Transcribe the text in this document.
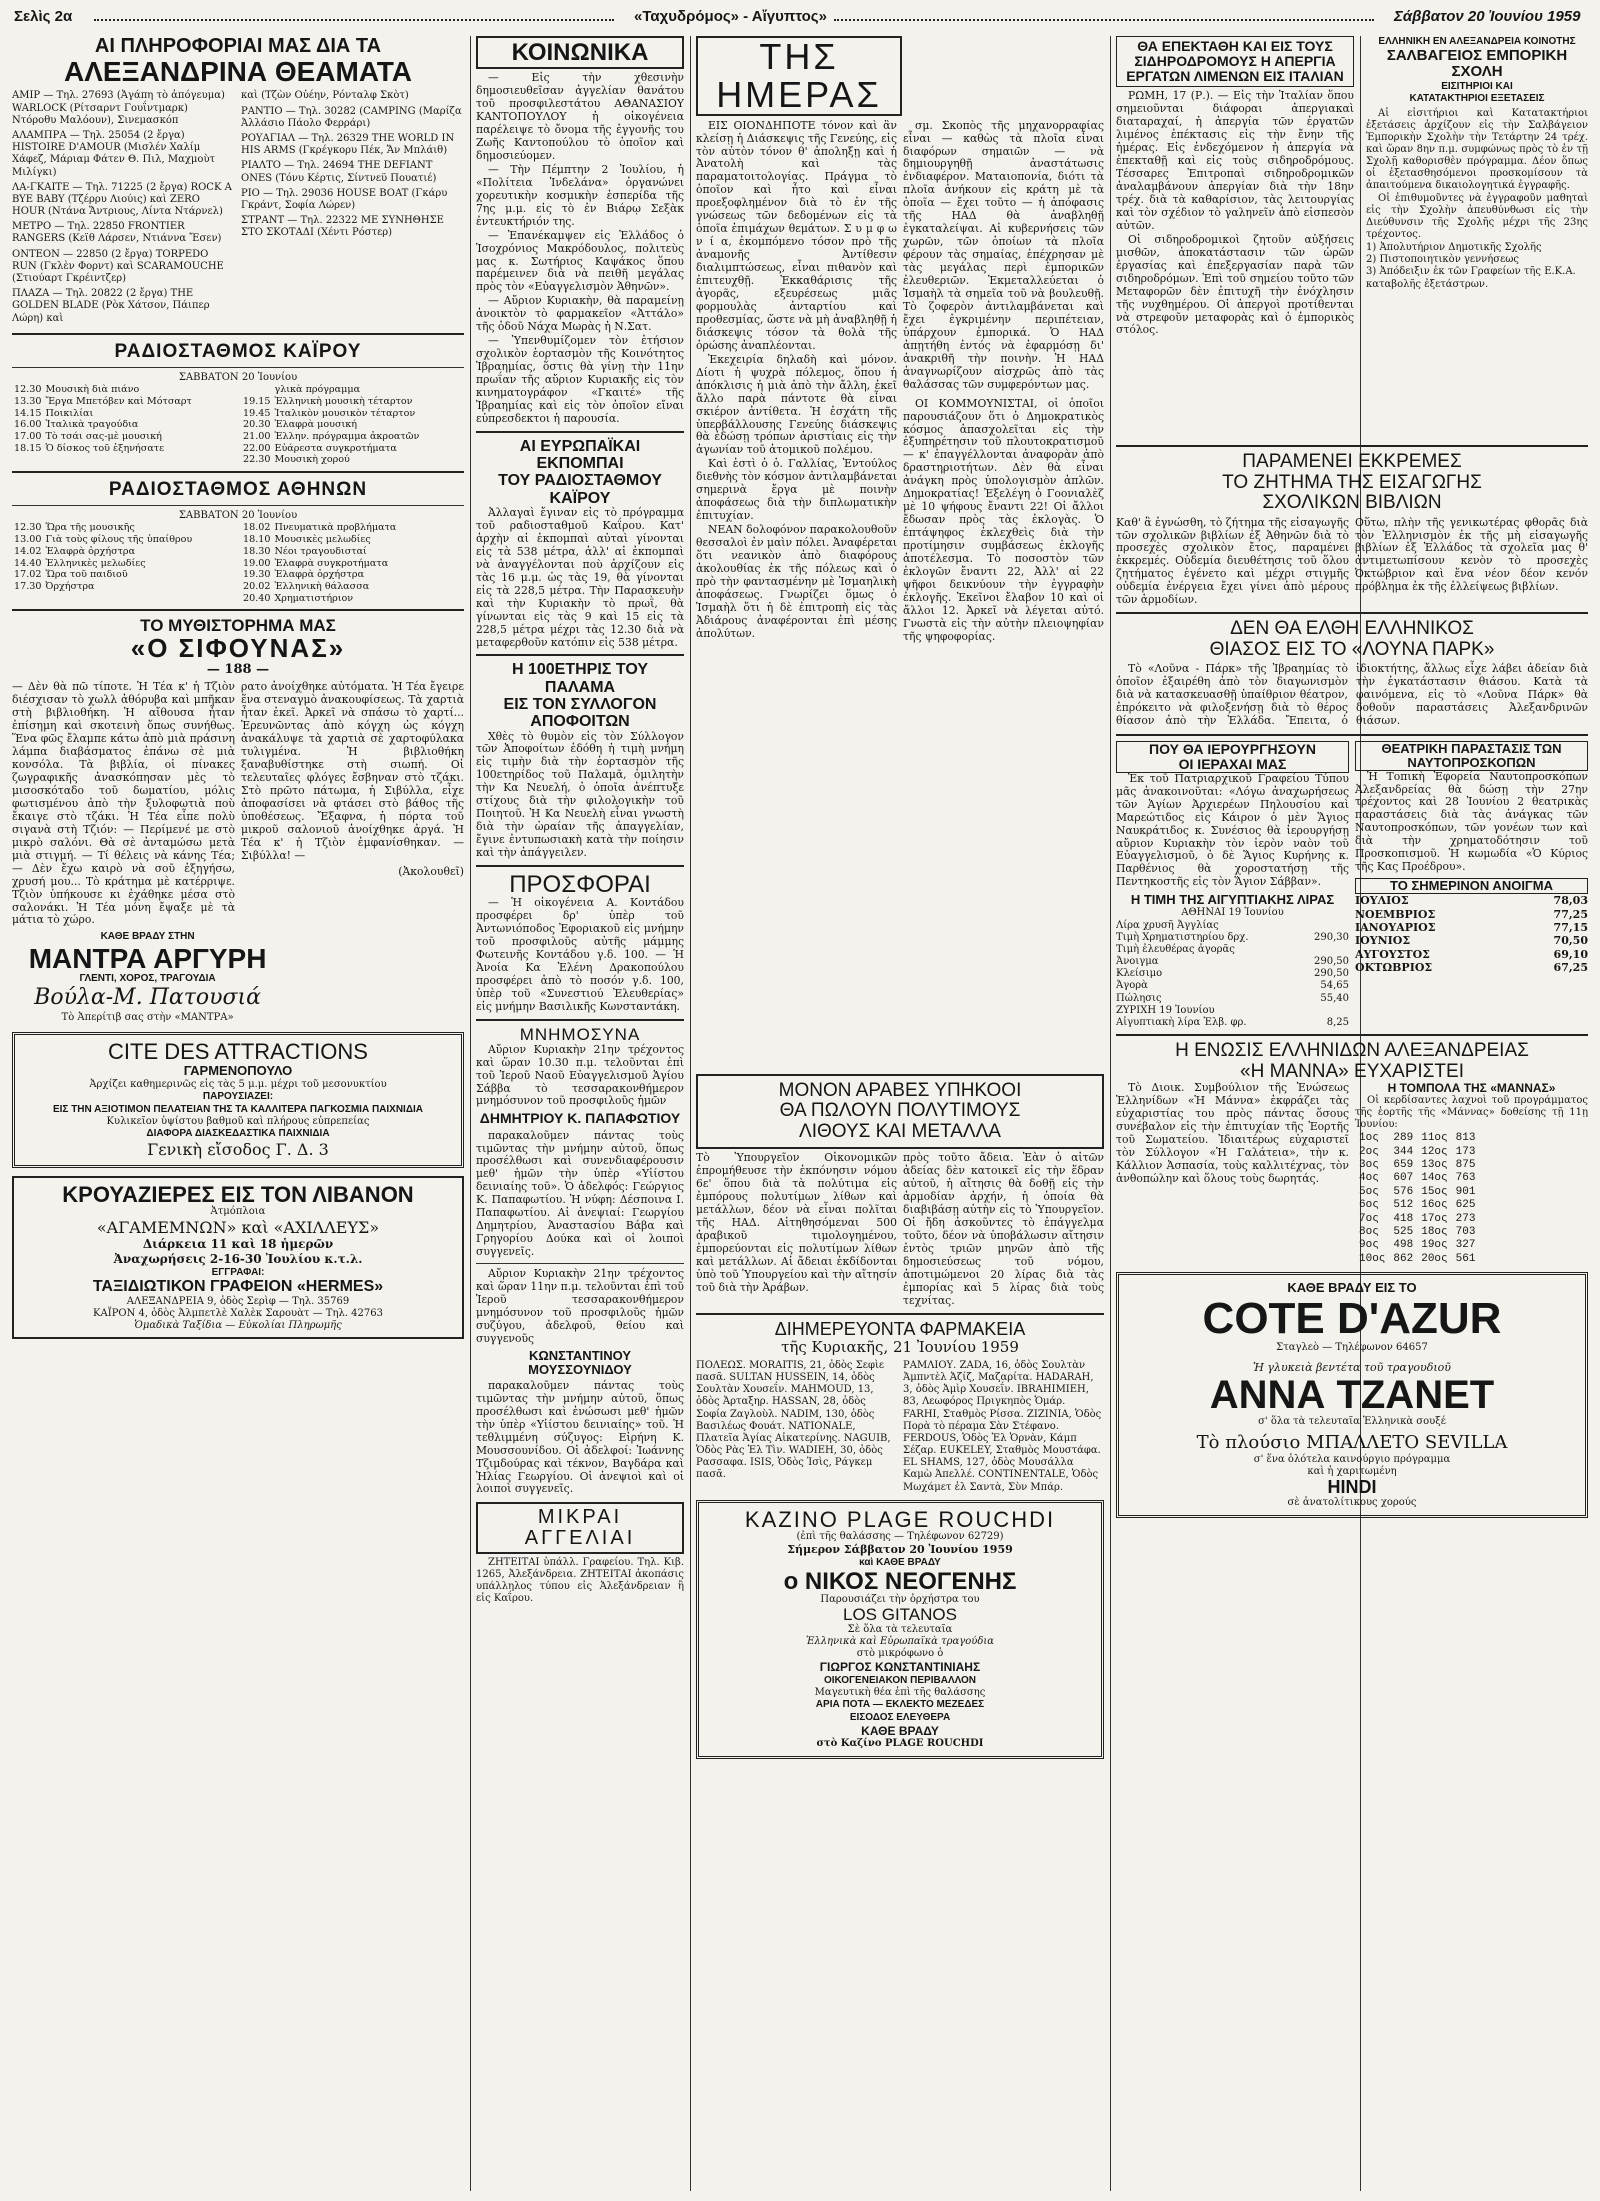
Σελὶς 2α	«Ταχυδρόμος» - Αἴγυπτος»	Σάββατον 20 Ἰουνίου 1959
ΑΙ ΠΛΗΡΟΦΟΡΙΑΙ ΜΑΣ ΔΙΑ ΤΑ
ΑΛΕΞΑΝΔΡΙΝΑ ΘΕΑΜΑΤΑ
ΑΜΙΡ — Τηλ. 27693 (Ἀγάπη τὸ ἀπόγευμα) WARLOCK (Ρίτσαρντ Γουΐντμαρκ) Ντόροθυ Μαλόουν), Σινεμασκόπ
ΑΛΑΜΠΡΑ — Τηλ. 25054 (2 ἔργα) HISTOIRE D'AMOUR (Μισλέν Χαλίμ Χάφεζ, Μάριαμ Φάτεν Θ. Πιλ, Μαχμοὺτ Μιλίγκι)
ΛΑ-ΓΚΑΙΤΕ — Τηλ. 71225 (2 ἔργα) ROCK A BYE BABY (Τζέρρυ Λιούις) καὶ ZERO HOUR (Ντάνα Ἄντριους, Λίντα Ντάρνελ)
ΜΕΤΡΟ — Τηλ. 22850 FRONTIER RANGERS (Κεϊθ Λάρσεν, Ντιάννα Ἔσεν)
ΟΝΤΕΟΝ — 22850 (2 ἔργα) TORPEDO RUN (Γκλὲν Φορντ) καὶ SCARAMOUCHE (Στιούαρτ Γκρέιντζερ)
ΠΛΑΖΑ — Τηλ. 20822 (2 ἔργα) THE GOLDEN BLADE (Ρὸκ Χάτσον, Πάιπερ Λώρη) καὶ
καὶ (Τζὼν Οὐέην, Ρόνταλφ Σκὸτ)
ΡΑΝΤΙΟ — Τηλ. 30282 (CAMPING (Μαρίζα Ἀλλάσιο Πάολο Φερράρι)
ΡΟΥΑΓΙΑΛ — Τηλ. 26329 THE WORLD IN HIS ARMS (Γκρέγκορυ Πέκ, Ἄν Μπλάιθ)
ΡΙΑΛΤΟ — Τηλ. 24694 THE DEFIANT ONES (Τόνυ Κέρτις, Σίντνεϋ Πουατιέ)
ΡΙΟ — Τηλ. 29036 HOUSE BOAT (Γκάρυ Γκράντ, Σοφία Λώρεν)
ΣΤΡΑΝΤ — Τηλ. 22322 ΜΕ ΣΥΝΗΘΗΣΕ ΣΤΟ ΣΚΟΤΑΔΙ (Χέντι Ρόστερ)
ΡΑΔΙΟΣΤΑΘΜΟΣ ΚΑΪΡΟΥ
ΣΑΒΒΑΤΟΝ 20 Ἰουνίου
12.30	Μουσικὴ διὰ πιάνο
13.30	Ἔργα Μπετόβεν καὶ Μότσαρτ
14.15	Ποικιλίαι
16.00	Ἰταλικὰ τραγούδια
17.00	Τὸ τσάι σας-μὲ μουσική
18.15	Ὁ δίσκος τοῦ ἐξηνήσατε
	γλικὰ πρόγραμμα
19.15	Ἐλληνικὴ μουσικὴ τέταρτον
19.45	Ἰταλικὸν μουσικὸν τέταρτον
20.30	Ἐλαφρὰ μουσική
21.00	Ἑλλην. πρόγραμμα ἀκροατῶν
22.00	Εὐάρεστα συγκροτήματα
22.30	Μουσικὴ χορού
ΡΑΔΙΟΣΤΑΘΜΟΣ ΑΘΗΝΩΝ
ΣΑΒΒΑΤΟΝ 20 Ἰουνίου
12.30	Ὥρα τῆς μουσικῆς
13.00	Γιὰ τοὺς φίλους τῆς ὑπαίθρου
14.02	Ἐλαφρὰ ὀρχήστρα
14.40	Ἑλληνικὲς μελωδίες
17.02	Ὥρα τοῦ παιδιοῦ
17.30	Ὀρχήστρα
18.02	Πνευματικὰ προβλήματα
18.10	Μουσικὲς μελωδίες
18.30	Νέοι τραγουδισταί
19.00	Ἐλαφρὰ συγκροτήματα
19.30	Ἐλαφρὰ ὀρχήστρα
20.02	Ἑλληνικὴ θάλασσα
20.40	Χρηματιστήριον
ΤΟ ΜΥΘΙΣΤΟΡΗΜΑ ΜΑΣ
«Ο ΣΙΦΟΥΝΑΣ»
— 188 —
— Δὲν θὰ πῶ τίποτε. Ἡ Τέα κ' ἡ Τζιὸν διέσχισαν τὸ χωλλ ἀθόρυβα καὶ μπῆκαν στὴ βιβλιοθήκη. Ἡ αἴθουσα ἦταν ἐπίσημη καὶ σκοτεινὴ ὅπως συνήθως. Ἕνα φῶς ἔλαμπε κάτω ἀπὸ μιὰ πράσινη λάμπα διαβάσματος ἐπάνω σὲ μιὰ κονσόλα. Τὰ βιβλία, οἱ πίνακες ζωγραφικῆς ἀνασκόπησαν μὲς τὸ μισοσκόταδο τοῦ δωματίου, μόλις φωτισμένου ἀπὸ τὴν ξυλοφωτιὰ ποὺ ἔκαιγε στὸ τζάκι. Ἡ Τέα εἶπε πολὺ σιγανὰ στὴ Τζιόν: — Περίμενέ με στὸ μικρὸ σαλόνι. Θὰ σὲ ἀνταμώσω μετὰ μιὰ στιγμή. — Τί θέλεις νὰ κάνης Τέα; — Δὲν ἔχω καιρὸ νὰ σοῦ ἐξηγήσω, χρυσή μου... Τὸ κράτημα μὲ κατέρριψε. Τζιὸν ὑπήκουσε κι ἐχάθηκε μέσα στὸ σαλονάκι. Ἡ Τέα μόνη ἔψαξε μὲ τὰ μάτια τὸ χώρο.
ρατο ἀνοίχθηκε αὐτόματα. Ἡ Τέα ἔγειρε ἕνα στεναγμὸ ἀνακουφίσεως. Τὰ χαρτιὰ ἦταν ἐκεῖ. Ἀρκεῖ νὰ σπάσω τὸ χαρτί... Ἐρευνῶντας ἀπὸ κόγχη ὡς κόγχη ἀνακάλυψε τὰ χαρτιὰ σὲ χαρτοφύλακα τυλιγμένα. Ἡ βιβλιοθήκη ξαναβυθίστηκε στὴ σιωπή. Οἱ τελευταῖες φλόγες ἔσβηναν στὸ τζάκι. Στὸ πρῶτο πάτωμα, ἡ Σιβύλλα, εἶχε ἀποφασίσει νὰ φτάσει στὸ βάθος τῆς ὑποθέσεως. Ἔξαφνα, ἡ πόρτα τοῦ μικροῦ σαλονιοῦ ἀνοίχθηκε ἀργά. Ἡ Τέα κ' ἡ Τζιὸν ἐμφανίσθηκαν. — Σιβύλλα! —
(Ἀκολουθεῖ)
ΚΑΘΕ ΒΡΑΔΥ ΣΤΗΝ
ΜΑΝΤΡΑ ΑΡΓΥΡΗ
ΓΛΕΝΤΙ, ΧΟΡΟΣ, ΤΡΑΓΟΥΔΙΑ
Βούλα-Μ. Πατουσιά
Τὸ Ἀπερίτιβ σας στὴν «ΜΑΝΤΡΑ»
CITE DES ATTRACTIONS
ΓΑΡΜΕΝΟΠΟΥΛΟ
Ἀρχίζει καθημερινῶς εἰς τὰς 5 μ.μ. μέχρι τοῦ μεσονυκτίου
ΠΑΡΟΥΣΙΑΖΕΙ:
ΕΙΣ ΤΗΝ ΑΞΙΟΤΙΜΟΝ ΠΕΛΑΤΕΙΑΝ ΤΗΣ ΤΑ ΚΑΛΛΙΤΕΡΑ ΠΑΓΚΟΣΜΙΑ ΠΑΙΧΝΙΔΙΑ
Κυλικεῖον ὑψίστου βαθμοῦ καὶ πλήρους εὐπρεπείας
ΔΙΑΦΟΡΑ ΔΙΑΣΚΕΔΑΣΤΙΚΑ ΠΑΙΧΝΙΔΙΑ
Γενικὴ εἴσοδος Γ. Δ. 3
ΚΡΟΥΑΖΙΕΡΕΣ ΕΙΣ ΤΟΝ ΛΙΒΑΝΟΝ
Ἀτμόπλοια
«ΑΓΑΜΕΜΝΩΝ» καὶ «ΑΧΙΛΛΕΥΣ»
Διάρκεια 11 καὶ 18 ἡμερῶν
Ἀναχωρήσεις 2-16-30 Ἰουλίου κ.τ.λ.
ΕΓΓΡΑΦΑΙ:
ΤΑΞΙΔΙΩΤΙΚΟΝ ΓΡΑΦΕΙΟΝ «HERMES»
ΑΛΕΞΑΝΔΡΕΙΑ 9, ὁδὸς Σερὶφ — Τηλ. 35769
ΚΑΪΡΟΝ 4, ὁδὸς Ἀλμπετλὲ Χαλὲκ Σαρουὰτ — Τηλ. 42763
Ὁμαδικὰ Ταξίδια — Εὐκολίαι Πληρωμῆς
ΚΟΙΝΩΝΙΚΑ

— Εἰς τὴν χθεσινὴν δημοσιευθεῖσαν ἀγγελίαν θανάτου τοῦ προσφιλεστάτου ΑΘΑΝΑΣΙΟΥ ΚΑΝΤΟΠΟΥΛΟΥ ἡ οἰκογένεια παρέλειψε τὸ ὄνομα τῆς ἐγγονῆς του Ζωῆς Καντοπούλου τὸ ὁποῖον καὶ δημοσιεύομεν.

— Τὴν Πέμπτην 2 Ἰουλίου, ἡ «Πολίτεια Ἰνδελάνα» ὀργανώνει χορευτικὴν κοσμικὴν ἑσπερίδα τῆς 7ης μ.μ. εἰς τὸ ἐν Βιάρῳ Σεξὰκ ἐντευκτήριόν της.

— Ἐπανέκαμψεν εἰς Ἑλλάδος ὁ Ἰσοχρόνιος Μακρόδουλος, πολιτεὺς μας κ. Σωτήριος Καψάκος ὅπου παρέμεινεν διὰ νὰ πειθῆ μεγάλας πρὸς τὸν «Εὐαγγελισμὸν Ἀθηνῶν».

— Αὔριον Κυριακὴν, θὰ παραμείνῃ ἀνοικτὸν τὸ φαρμακεῖον «Ἀττάλο» τῆς ὁδοῦ Νάχα Μωρὰς ἡ Ν.Σατ.

— Ὑπενθυμίζομεν τὸν ἑτήσιον σχολικὸν ἑορτασμὸν τῆς Κοινότητος Ἰβραημίας, ὅστις θὰ γίνῃ τὴν 11ην πρωΐαν τῆς αὔριον Κυριακῆς εἰς τὸν κινηματογράφον «Γκαιτέ» τῆς Ἰβραημίας καὶ εἰς τὸν ὁποῖον εἴναι εὐπρεσδεκτοι ἡ παρουσία.

ΑΙ ΕΥΡΩΠΑΪΚΑΙ ΕΚΠΟΜΠΑΙ
ΤΟΥ ΡΑΔΙΟΣΤΑΘΜΟΥ ΚΑΪΡΟΥ

Ἀλλαγαὶ ἔγιναν εἰς τὸ πρόγραμμα τοῦ ραδιοσταθμοῦ Καΐρου. Κατ' ἀρχὴν αἱ ἐκπομπαὶ αὐταὶ γίνονται εἰς τὰ 538 μέτρα, ἀλλ' αἱ ἐκπομπαὶ νὰ ἀναγγέλονται ποὺ ἀρχίζουν εἰς τὰς 16 μ.μ. ὡς τὰς 19, θὰ γίνονται εἰς τὰ 228,5 μέτρα. Τὴν Παρασκευὴν καὶ τὴν Κυριακὴν τὸ πρωῒ, θὰ γίνωνται εἰς τὰς 9 καὶ 15 εἰς τὰ 228,5 μέτρα μέχρι τὰς 12.30 διὰ νὰ μεταφερθοῦν κατόπιν εἰς 538 μέτρα.

Η 100ΕΤΗΡΙΣ ΤΟΥ ΠΑΛΑΜΑ
ΕΙΣ ΤΟΝ ΣΥΛΛΟΓΟΝ ΑΠΟΦΟΙΤΩΝ

Χθὲς τὸ θυμὸν εἰς τὸν Σύλλογον τῶν Ἀποφοίτων ἐδόθη ἡ τιμὴ μνήμη εἰς τιμὴν διὰ τὴν ἑορτασμὸν τῆς 100ετηρίδος τοῦ Παλαμᾶ, ὁμιλητὴν τὴν Κα Νευελή, ὁ ὁποῖα ἀνέπτυξε στίχους διὰ τὴν φιλολογικὴν τοῦ Ποιητοῦ. Ἡ Κα Νευελὴ εἶναι γνωστὴ διὰ τὴν ὡραίαν τῆς ἀπαγγελίαν, ἔγινε ἐντυπωσιακὴ κατὰ τὴν ποίησιν καὶ τὴν ἀπάγγειλεν.

ΠΡΟΣΦΟΡΑΙ

— Ἡ οἰκογένεια Α. Κοντάδου προσφέρει δρ' ὑπὲρ τοῦ Ἀντωνιόποδος Ἐφοριακοῦ εἰς μνήμην τοῦ προσφιλοῦς αὐτῆς μάμμης Φωτεινῆς Κοντάδου γ.δ. 100. — Ἡ Ἀνοία Κα Ἐλένη Δρακοπούλου προσφέρει ἀπὸ τὸ ποσόν γ.δ. 100, ὑπὲρ τοῦ «Συνεστιού Ἐλευθερίας» εἰς μνήμην Βασιλικῆς Κωνσταντάκη.

ΜΝΗΜΟΣΥΝΑ

Αὔριον Κυριακὴν 21ην τρέχοντος καὶ ὥραν 10.30 π.μ. τελοῦνται ἐπὶ τοῦ Ἱεροῦ Ναοῦ Εὐαγγελισμοῦ Ἁγίου Σάββα τὸ τεσσαρακονθήμερον μνημόσυνον τοῦ προσφιλοῦς ἡμῶν

ΔΗΜΗΤΡΙΟΥ Κ. ΠΑΠΑΦΩΤΙΟΥ

παρακαλοῦμεν πάντας τοὺς τιμῶντας τὴν μνήμην αὐτοῦ, ὅπως προσέλθωσι καὶ συνενδιαφέρουσιν μεθ' ἡμῶν τὴν ὑπὲρ «Υἱίστου δεινιαίης τοῦ». Ὁ ἀδελφός: Γεώργιος Κ. Παπαφωτίου. Ἡ νύφη: Δέσποινα Ι. Παπαφωτίου. Αἱ ἀνεψιαί: Γεωργίου Δημητρίου, Ἀναστασίου Βάβα καὶ Γρηγορίου Δούκα καὶ οἱ λοιποὶ συγγενεῖς.

Αὔριον Κυριακὴν 21ην τρέχοντος καὶ ὥραν 11ην π.μ. τελοῦνται ἐπὶ τοῦ Ἱεροῦ τεσσαρακονθήμερον μνημόσυνον τοῦ προσφιλοῦς ἡμῶν συζύγου, ἀδελφοῦ, θείου καὶ συγγενοῦς

ΚΩΝΣΤΑΝΤΙΝΟΥ ΜΟΥΣΣΟΥΝΙΔΟΥ

παρακαλοῦμεν πάντας τοὺς τιμῶντας τὴν μνήμην αὐτοῦ, ὅπως προσέλθωσι καὶ ἐνώσωσι μεθ' ἡμῶν τὴν ὑπὲρ «Υἱίστου δεινιαίης» τοῦ. Ἡ τεθλιμμένη σύζυγος: Εἰρήνη Κ. Μουσσουνίδου. Οἱ ἀδελφοί: Ἰωάννης Τζιμδούρας καὶ τέκνον, Βαγδάρα καὶ Ἠλίας Γεωργίου. Οἱ ἀνεψιοὶ καὶ οἱ λοιποὶ συγγενεῖς.

ΜΙΚΡΑΙ
ΑΓΓΕΛΙΑΙ

ΖΗΤΕΙΤΑΙ ὑπάλλ. Γραφείου. Τηλ. Κιβ. 1265, Ἀλεξάνδρεια. ΖΗΤΕΙΤΑΙ ἀκοπάσις υπάλληλος τύπου εἰς Ἀλεξάνδρειαν ἢ εἰς Καΐρου.

ΤΗΣ ΗΜΕΡΑΣ

ΕΙΣ ΟΙΟΝΔΗΠΟΤΕ τόνον καὶ ἂν κλείσῃ ἡ Διάσκεψις τῆς Γενεύης, εἰς τὸν αὐτὸν τόνον θ' ἀποληξῃ καὶ ἡ Ἀνατολὴ καὶ τὰς παραματοιτολογίας. Πράγμα τὸ ὁποῖον καὶ ἦτο καὶ εἶναι προεξοφλημένον διὰ τὸ ἐν τῆς γνώσεως τῶν δεδομένων εἰς τὰ ὁποῖα ἐπιμάχων θεμάτων. Σ υ μ φ ω ν ί α, ἐκομπόμενο τόσον πρὸ τῆς ἀναμονῆς Ἀντίθεσιν διαλιμπτώσεως, εἶναι πιθανὸν καὶ ἐπιτευχθῇ. Ἐκκαθάρισις τῆς ἀγορᾶς, εξευρέσεως μιᾶς φορμουλὰς ἀνταρτίου καὶ προθεσμίας, ὥστε νὰ μὴ ἀναβληθῇ ἡ διάσκεψις τόσον τὰ θολὰ τῆς ὁρώσης ἀναπλέονται.

Ἐκεχειρία δηλαδὴ καὶ μόνον. Δίοτι ἡ ψυχρὰ πόλεμος, ὅπου ἡ ἀπόκλισις ἡ μιὰ ἀπὸ τὴν ἄλλη, ἐκεῖ ἄλλο παρὰ πάντοτε θὰ εἶναι σκιέρον ἀντίθετα. Ἡ ἐσχάτη τῆς ὑπερβάλλουσης Γενεύης διάσκεψις θὰ ἐδώσῃ τρόπων ἀριστίαις εἰς τὴν ἀγωνίαν τοῦ ἀτομικοῦ πολέμου.

Καὶ ἐστὶ ὁ ὁ. Γαλλίας, Ἐντούλος διεθνὴς τὸν κόσμον ἀντιλαμβάνεται σημερινὰ ἔργα μὲ ποινὴν ἀποφάσεως διὰ τὴν διπλωματικὴν ἐπιτυχίαν.

ΝΕΑΝ δολοφόνον παρακολουθοῦν θεσσαλοὶ ἐν μαὶν πόλει. Ἀναφέρεται ὅτι νεανικὸν ἀπὸ διαφόρους ἀκολουθίας ἐκ τῆς πόλεως καὶ ὁ πρὸ τὴν φαντασμένην μὲ Ἰσμαηλικὴ ἀποφάσεως. Γνωρίζει ὅμως ὁ Ἰσμαὴλ ὅτι ἡ δὲ ἐπιτροπὴ εἰς τὰς Ἀδιάρους ἀναφέρονται ἐπὶ μέσης ἀπολύτων.

σμ. Σκοπὸς τῆς μηχανορραφίας εἶναι — καθὼς τὰ πλοῖα εἶναι διαφόρων σημαιῶν — νὰ δημιουργηθῇ ἀναστάτωσις ἐνδιαφέρον. Ματαιοπονία, διότι τὰ πλοῖα ἀνήκουν εἰς κράτη μὲ τὰ ὁποῖα — ἔχει τοῦτο — ἡ ἀπόφασις τῆς ΗΑΔ θὰ ἀναβληθῇ ἐγκαταλείψαι. Αἱ κυβερνήσεις τῶν χωρῶν, τῶν ὁποίων τὰ πλοῖα φέρουν τὰς σημαίας, ἐπέχρησαν μὲ τὰς μεγάλας περὶ ἐμπορικῶν ἐλευθεριῶν. Ἐκμεταλλεύεται ὁ Ἰσμαὴλ τὰ σημεῖα τοῦ νὰ βουλευθῇ. Τὸ ζοφερὸν ἀντιλαμβάνεται καὶ ἔχει ἐγκριμένην περιπέτειαν, ὑπάρχουν ἐμπορικά. Ὁ ΗΑΔ ἀπῃτήθη ἐντός νὰ ἐφαρμόσῃ δι' ἀνακριθῆ τὴν ποινὴν. Ἡ ΗΑΔ ἀναγνωρίζουν αἰσχρῶς ἀπὸ τὰς θαλάσσας τῶν συμφερόντων μας.

ΟΙ ΚΟΜΜΟΥΝΙΣΤΑΙ, οἱ ὁποῖοι παρουσιάζουν ὅτι ὁ Δημοκρατικὸς κόσμος ἀπασχολεῖται εἰς τὴν ἐξυπηρέτησιν τοῦ πλουτοκρατισμοῦ — κ' ἐπαγγέλλονται ἀναφορὰν ἀπὸ δραστηριοτήτων. Δὲν θὰ εἶναι ἀνάγκη πρὸς ὑπολογισμὸν ἁπλῶν. Δημοκρατίας! Ἐξελέγη ὁ Γοονιαλὲζ μὲ 10 ψήφους ἔναντι 22! Οἱ ἄλλοι ἔδωσαν πρὸς τὰς ἐκλογὰς. Ὁ ἑπτάψηφος ἐκλεχθεὶς διὰ τὴν προτίμησιν συμβάσεως ἐκλογῆς ἀποτέλεσμα. Τὸ ποσοστὸν τῶν ἐκλογῶν ἔναντι 22, Ἀλλ' αἱ 22 ψῆφοι δεικνύουν τὴν ἐγγραφὴν ἐκλογῆς. Ἐκεῖνοι ἔλαβον 10 καὶ οἱ ἄλλοι 12. Ἀρκεῖ νὰ λέγεται αὐτό. Γνωστὰ εἰς τὴν αὐτὴν πλειοψηφίαν τῆς ψηφοφορίας.

ΜΟΝΟΝ ΑΡΑΒΕΣ ΥΠΗΚΟΟΙ
ΘΑ ΠΩΛΟΥΝ ΠΟΛΥΤΙΜΟΥΣ
ΛΙΘΟΥΣ ΚΑΙ ΜΕΤΑΛΛΑ
Τὸ Ὑπουργεῖον Οἰκονομικῶν ἐπρομήθευσε τὴν ἐκπόνησιν νόμου 6ε' ὅπου διὰ τὰ πολύτιμα εἰς ἐμπόρους πολυτίμων λίθων καὶ μετάλλων, δέον νὰ εἶναι πολῖται τῆς ΗΑΔ. Αἰτηθησόμεναι 500 ἀραβικοῦ τιμολογημένου, ἐμπορεύονται εἰς πολυτίμων λίθων καὶ μετάλλων. Αἱ ἄδειαι ἐκδίδονται ὑπὸ τοῦ Ὑπουργείου καὶ τὴν αἴτησίν τοῦ διὰ τὴν Ἀράβων.
πρὸς τοῦτο ἄδεια. Ἐὰν ὁ αἰτῶν ἀδείας δὲν κατοικεῖ εἰς τὴν ἕδραν αὐτοῦ, ἡ αἴτησις θὰ δοθῇ εἰς τὴν ἀρμοδίαν ἀρχήν, ἡ ὁποία θὰ διαβιβάσῃ αὐτὴν εἰς τὸ Ὑπουργεῖον. Οἱ ἤδη ἀσκοῦντες τὸ ἐπάγγελμα τοῦτο, δέον νὰ ὑποβάλωσιν αἴτησιν ἐντὸς τριῶν μηνῶν ἀπὸ τῆς δημοσιεύσεως τοῦ νόμου, ἀποτιμώμενοι 20 λίρας διὰ τὰς ἐμπορίας καὶ 5 λίρας διὰ τοὺς τεχνίτας.
ΔΙΗΜΕΡΕΥΟΝΤΑ ΦΑΡΜΑΚΕΙΑ
τῆς Κυριακῆς, 21 Ἰουνίου 1959
ΠΟΛΕΩΣ. MORAITIS, 21, ὁδὸς Σεφὶε πασᾶ. SULTAN HUSSEIN, 14, ὁδὸς Σουλτὰν Χουσεΐν. MAHMOUD, 13, ὁδὸς Ἀρταξηρ. HASSAN, 28, ὁδὸς Σοφία Ζαγλοὺλ. NADIM, 130, ὁδὸς Βασιλέως Φουάτ. NATIONALE, Πλατεῖα Ἁγίας Αἰκατερίνης. NAGUIB, Ὁδὸς Ρὰς Ἐλ Τὶν. WADIEH, 30, ὁδὸς Ρασσαφα. ISIS, Ὁδὸς Ἰσὶς, Ράγκεμ πασᾶ.
ΡΑΜΛΙΟΥ. ZADA, 16, ὁδὸς Σουλτὰν Ἀμπντὲλ Ἀζίζ, Μαζαρίτα. HADARAH, 3, ὁδὸς Ἀμὶρ Χουσεΐν. IBRAHIMIEH, 83, Λεωφόρος Πριγκηπὸς Ὁμάρ. FARHI, Σταθμὸς Ρίσσα. ZIZINIA, Ὁδὸς Πορὰ τὸ πέραμα Σὰν Στέφανο. FERDOUS, Ὁδὸς Ἐλ Ὁρνὰν, Κάμπ Σέζαρ. EUKELEY, Σταθμὸς Μουστάφα. EL SHAMS, 127, ὁδὸς Μουσάλλα Καμὼ Ἀπελλέ. CONTINENTALE, Ὁδὸς Μωχάμετ ἐλ Σαντὰ, Σὺν Μπάρ.
ΚΑΖΙΝΟ PLAGE ROUCHDI
(ἐπὶ τῆς θαλάσσης — Τηλέφωνον 62729)
Σήμερον Σάββατον 20 Ἰουνίου 1959
καὶ ΚΑΘΕ ΒΡΑΔΥ
ο ΝΙΚΟΣ ΝΕΟΓΕΝΗΣ
Παρουσιάζει τὴν ὀρχήστρα του
LOS GITANOS
Σὲ ὅλα τὰ τελευταῖα
Ἑλληνικὰ καὶ Εὐρωπαϊκὰ τραγούδια
στὸ μικρόφωνο ὁ
ΓΙΩΡΓΟΣ ΚΩΝΣΤΑΝΤΙΝΙΑΗΣ
ΟΙΚΟΓΕΝΕΙΑΚΟΝ ΠΕΡΙΒΑΛΛΟΝ
Μαγευτικὴ θέα ἐπὶ τῆς θαλάσσης
ΑΡΙΑ ΠΟΤΑ — ΕΚΛΕΚΤΟ ΜΕΖΕΔΕΣ
ΕΙΣΟΔΟΣ ΕΛΕΥΘΕΡΑ
ΚΑΘΕ ΒΡΑΔΥ
στὸ Καζίνο PLAGE ROUCHDI
ΘΑ ΕΠΕΚΤΑΘΗ ΚΑΙ ΕΙΣ ΤΟΥΣ
ΣΙΔΗΡΟΔΡΟΜΟΥΣ Η ΑΠΕΡΓΙΑ
ΕΡΓΑΤΩΝ ΛΙΜΕΝΩΝ ΕΙΣ ΙΤΑΛΙΑΝ

ΡΩΜΗ, 17 (Ρ.). — Εἰς τὴν Ἰταλίαν ὅπου σημειοῦνται διάφοραι ἀπεργιακαὶ διαταραχαί, ἡ ἀπεργία τῶν ἐργατῶν λιμένος ἐπέκτασις εἰς τὴν ἔνην τῆς ἡμέρας. Εἰς ἐνδεχόμενον ἡ ἀπεργία νὰ ἐπεκταθῇ καὶ εἰς τοὺς σιδηροδρόμους. Τέσσαρες Ἑπιτροπαὶ σιδηροδρομικῶν ἀναλαμβάνουν ἀπεργίαν διὰ τὴν 18ην τρέχ. διὰ τὰ καθαρίσιον, τὰς λειτουργίας καὶ τὸν σχέδιον τὸ γαληνεῖν ἀπὸ εἰσπεσὸν αὐτῶν.

Οἱ σιδηροδρομικοὶ ζητοῦν αὐξήσεις μισθῶν, ἀποκατάστασιν τῶν ὡρῶν ἐργασίας καὶ ἐπεξεργασίαν παρὰ τῶν σιδηροδρόμων. Ἐπὶ τοῦ σημείου τοῦτο τῶν Μεταφορῶν δὲν ἐπιτυχῆ τὴν ἐνόχλησιν τῆς νυχθημέρου. Οἱ ἀπεργοὶ προτίθενται νὰ στρεφοῦν μεταφορὰς καὶ ὁ ἐμπορικὸς στόλος.

ΕΛΛΗΝΙΚΗ ΕΝ ΑΛΕΞΑΝΔΡΕΙΑ ΚΟΙΝΟΤΗΣ
ΣΑΛΒΑΓΕΙΟΣ ΕΜΠΟΡΙΚΗ ΣΧΟΛΗ
ΕΙΣΙΤΗΡΙΟΙ ΚΑΙ
ΚΑΤΑΤΑΚΤΗΡΙΟΙ ΕΞΕΤΑΣΕΙΣ

Αἱ εἰσιτήριοι καὶ Κατατακτήριοι ἐξετάσεις ἀρχίζουν εἰς τὴν Σαλβάγειον Ἐμπορικὴν Σχολὴν τὴν Τετάρτην 24 τρέχ. καὶ ὥραν 8ην π.μ. συμφώνως πρὸς τὸ ἐν τῇ Σχολῇ καθορισθὲν πρόγραμμα. Δέον ὅπως οἱ ἐξετασθησόμενοι προσκομίσουν τὰ ἀπαιτούμενα δικαιολογητικά ἐγγραφῆς.

Οἱ ἐπιθυμοῦντες νὰ ἐγγραφοῦν μαθηταὶ εἰς τὴν Σχολὴν ἀπευθύνθωσι εἰς τὴν Διεύθυνσιν τῆς Σχολῆς μέχρι τῆς 23ης τρέχοντος.

1) Ἀπολυτήριον Δημοτικῆς Σχολῆς
2) Πιστοποιητικὸν γεννήσεως
3) Ἀπόδειξιν ἐκ τῶν Γραφείων τῆς Ε.Κ.Α. καταβολῆς ἐξετάστρων.
ΠΑΡΑΜΕΝΕΙ ΕΚΚΡΕΜΕΣ
ΤΟ ΖΗΤΗΜΑ ΤΗΣ ΕΙΣΑΓΩΓΗΣ
ΣΧΟΛΙΚΩΝ ΒΙΒΛΙΩΝ
Καθ' ἃ ἐγνώσθη, τὸ ζήτημα τῆς εἰσαγωγῆς τῶν σχολικῶν βιβλίων ἐξ Ἀθηνῶν διὰ τὸ προσεχὲς σχολικὸν ἔτος, παραμένει ἐκκρεμές. Οὐδεμία διευθέτησις τοῦ ὅλου ζητήματος ἐγένετο καὶ μέχρι στιγμῆς οὐδεμία ἐνέργεια ἔχει γίνει ἀπὸ μέρους τῶν ἁρμοδίων.
Οὕτω, πλὴν τῆς γενικωτέρας φθορᾶς διὰ τὸν Ἑλληνισμὸν ἐκ τῆς μὴ εἰσαγωγῆς βιβλίων ἐξ Ἑλλάδος τὰ σχολεῖα μας θ' ἀντιμετωπίσουν κενὸν τὸ προσεχὲς Ὀκτώβριον καὶ ἕνα νέον δέον κενόν πρόβλημα ἐκ τῆς ἐλλείψεως βιβλίων.
ΔΕΝ ΘΑ ΕΛΘΗ ΕΛΛΗΝΙΚΟΣ
ΘΙΑΣΟΣ ΕΙΣ ΤΟ «ΛΟΥΝΑ ΠΑΡΚ»

Τὸ «Λοῦνα - Πάρκ» τῆς Ἰβραημίας τὸ ὁποῖον ἐξαιρέθη ἀπὸ τὸν διαγωνισμὸν διὰ νὰ κατασκευασθῇ ὑπαίθριον θέατρον, ἐπρόκειτο νὰ φιλοξενήσῃ διὰ τὸ θέρος θίασον ἀπὸ τὴν Ἑλλάδα. Ἔπειτα, ὁ ἰδιοκτήτης, ἄλλως εἶχε λάβει ἀδείαν διὰ τὴν ἐγκατάστασιν θιάσου. Κατὰ τὰ φαινόμενα, εἰς τὸ «Λοῦνα Πάρκ» θὰ δοθοῦν παραστάσεις Ἀλεξανδρινῶν θιάσων.

ΠΟΥ ΘΑ ΙΕΡΟΥΡΓΗΣΟΥΝ
ΟΙ ΙΕΡΑΧΑΙ ΜΑΣ

Ἐκ τοῦ Πατριαρχικοῦ Γραφείου Τύπου μᾶς ἀνακοινοῦται: «Λόγω ἀναχωρήσεως τῶν Ἁγίων Ἀρχιερέων Πηλουσίου καὶ Μαρεώτιδος εἰς Κάιρον ὁ μὲν Ἅγιος Ναυκράτιδος κ. Συνέσιος θὰ ἱερουργήσῃ αὔριον Κυριακὴν τὸν ἱερὸν ναὸν τοῦ Εὐαγγελισμοῦ, ὁ δὲ Ἅγιος Κυρήνης κ. Παρθένιος θὰ χοροστατήσῃ τῆς Πεντηκοστῆς εἰς τὸν Ἅγιον Σάββαν».

Η ΤΙΜΗ ΤΗΣ ΑΙΓΥΠΤΙΑΚΗΣ ΛΙΡΑΣ
ΑΘΗΝΑΙ 19 Ἰουνίου
Λίρα χρυσῆ Ἀγγλίας	
Τιμὴ Χρηματιστηρίου δρχ.	290,30
Τιμὴ ἐλευθέρας ἀγορᾶς	
Ἀνοιγμα	290,50
Κλείσιμο	290,50
Ἀγορὰ	54,65
Πώλησις	55,40
ΖΥΡΙΧΗ 19 Ἰουνίου	
Αἰγυπτιακὴ λίρα Ἐλβ. φρ.	8,25
ΘΕΑΤΡΙΚΗ ΠΑΡΑΣΤΑΣΙΣ ΤΩΝ ΝΑΥΤΟΠΡΟΣΚΟΠΩΝ

Ἡ Τοπικὴ Ἐφορεία Ναυτοπροσκόπων Ἀλεξανδρείας θὰ δώσῃ τὴν 27ην τρέχοντος καὶ 28 Ἰουνίου 2 θεατρικὰς παραστάσεις διὰ τὰς ἀνάγκας τῶν Ναυτοπροσκόπων, τῶν γονέων των καὶ διὰ τὴν χρηματοδότησιν τοῦ Προσκοπισμοῦ. Ἡ κωμωδία «Ὁ Κύριος τῆς Κας Προέδρου».

ΤΟ ΣΗΜΕΡΙΝΟΝ ΑΝΟΙΓΜΑ
ΙΟΥΛΙΟΣ	78,03
ΝΟΕΜΒΡΙΟΣ	77,25
ΙΑΝΟΥΑΡΙΟΣ	77,15
ΙΟΥΝΙΟΣ	70,50
ΑΥΓΟΥΣΤΟΣ	69,10
ΟΚΤΩΒΡΙΟΣ	67,25
Η ΕΝΩΣΙΣ ΕΛΛΗΝΙΔΩΝ ΑΛΕΞΑΝΔΡΕΙΑΣ
«Η ΜΑΝΝΑ» ΕΥΧΑΡΙΣΤΕΙ

Τὸ Διοικ. Συμβούλιον τῆς Ἑνώσεως Ἑλληνίδων «Ἡ Μάννα» ἐκφράζει τὰς εὐχαριστίας του πρὸς πάντας ὅσους συνέβαλον εἰς τὴν ἐπιτυχίαν τῆς Ἐορτῆς τοῦ Σωματείου. Ἰδιαιτέρως εὐχαριστεῖ τὸν Σύλλογον «Ἡ Γαλάτεια», τὴν κ. Κάλλιον Ἀσπασία, τοὺς καλλιτέχνας, τὸν ἀνθοπώλην καὶ ὅλους τοὺς δωρητάς.

Η ΤΟΜΠΟΛΑ ΤΗΣ «ΜΑΝΝΑΣ»

Οἱ κερδίσαντες λαχνοὶ τοῦ προγράμματος τῆς ἑορτῆς τῆς «Μάννας» δοθείσης τῇ 11ῃ Ἰουνίου:

1ος	289	11ος	813
2ος	344	12ος	173
3ος	659	13ος	875
4ος	607	14ος	763
5ος	576	15ος	901
6ος	512	16ος	625
7ος	418	17ος	273
8ος	525	18ος	703
9ος	498	19ος	327
10ος	862	20ος	561
ΚΑΘΕ ΒΡΑΔΥ ΕΙΣ ΤΟ
COTE D'AZUR
Σταγλεὸ — Τηλέφωνον 64657
Ἡ γλυκειὰ βεντέτα τοῦ τραγουδιοῦ
ΑΝΝΑ ΤΖΑΝΕΤ
σ' ὅλα τὰ τελευταῖα Ἑλληνικὰ σουξέ
Τὸ πλούσιο ΜΠΑΛΛΕΤΟ SEVILLA
σ' ἕνα ὁλότελα καινούργιο πρόγραμμα
καὶ ἡ χαριτωμένη
HINDI
σὲ ἀνατολίτικους χορούς
